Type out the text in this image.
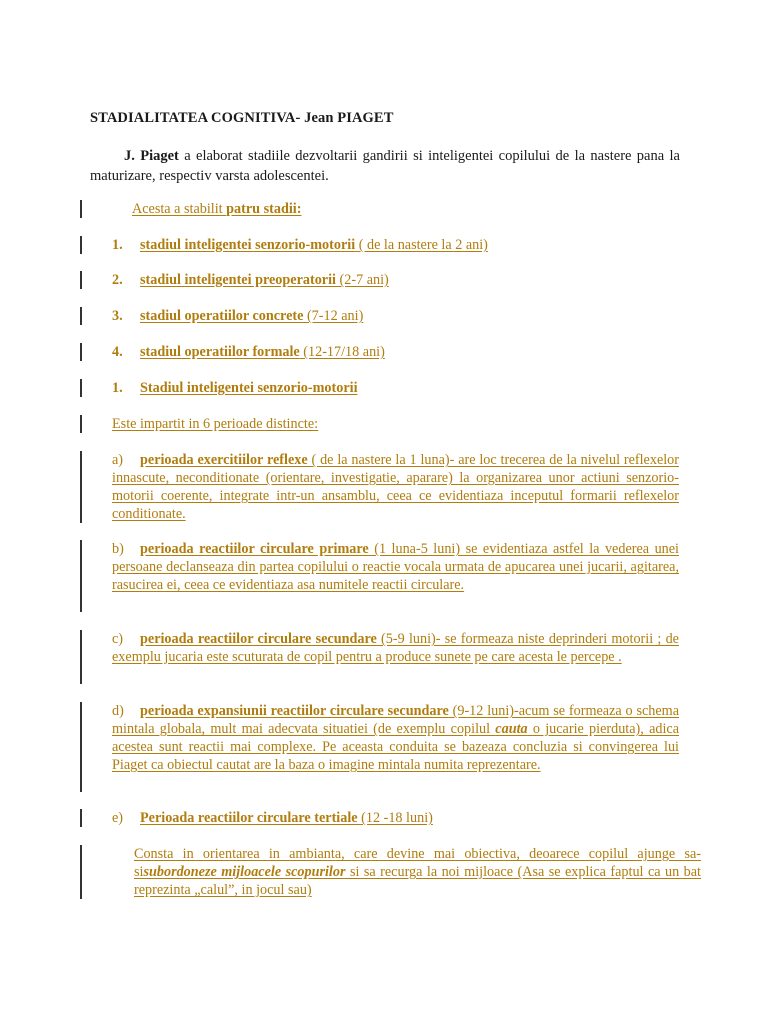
STADIALITATEA COGNITIVA- Jean PIAGET
J. Piaget a elaborat stadiile dezvoltarii gandirii si inteligentei copilului de la nastere pana la maturizare, respectiv varsta adolescentei.
Acesta a stabilit patru stadii:
1. stadiul inteligentei senzorio-motorii ( de la nastere la 2 ani)
2. stadiul inteligentei preoperatorii (2-7 ani)
3. stadiul operatiilor concrete (7-12 ani)
4. stadiul operatiilor formale (12-17/18 ani)
1. Stadiul inteligentei senzorio-motorii
Este impartit in 6 perioade distincte:
a) perioada exercitiilor reflexe ( de la nastere la 1 luna)- are loc trecerea de la nivelul reflexelor innascute, neconditionate (orientare, investigatie, aparare) la organizarea unor actiuni senzorio-motorii coerente, integrate intr-un ansamblu, ceea ce evidentiaza inceputul formarii reflexelor conditionate.
b) perioada reactiilor circulare primare (1 luna-5 luni) se evidentiaza astfel la vederea unei persoane declanseaza din partea copilului o reactie vocala urmata de apucarea unei jucarii, agitarea, rasucirea ei, ceea ce evidentiaza asa numitele reactii circulare.
c) perioada reactiilor circulare secundare (5-9 luni)- se formeaza niste deprinderi motorii ; de exemplu jucaria este scuturata de copil pentru a produce sunete pe care acesta le percepe .
d) perioada expansiunii reactiilor circulare secundare (9-12 luni)-acum se formeaza o schema mintala globala, mult mai adecvata situatiei (de exemplu copilul cauta o jucarie pierduta), adica acestea sunt reactii mai complexe. Pe aceasta conduita se bazeaza concluzia si convingerea lui Piaget ca obiectul cautat are la baza o imagine mintala numita reprezentare.
e) Perioada reactiilor circulare tertiale (12 -18 luni)
Consta in orientarea in ambianta, care devine mai obiectiva, deoarece copilul ajunge sa-sisubordoneze mijloacele scopurilor si sa recurga la noi mijloace (Asa se explica faptul ca un bat reprezinta „calul”, in jocul sau)
